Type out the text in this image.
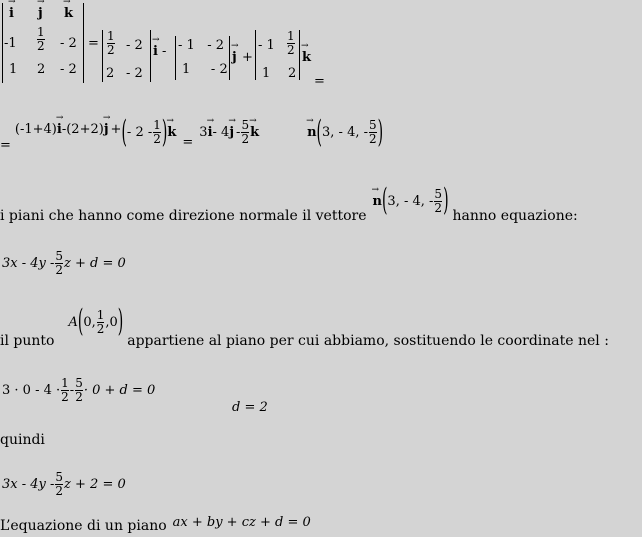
→ i → j → k
$-1 \frac{1}{2} - 2$
1 2 - 2
= $\frac{1}{2} - 2$
2 - 2
→ i - - 1   - 2
1     - 2
→ j +
- $1 \frac{1}{2}$
1 2
→ k
=
=
(-1+4) → i -(2+2) → j + ( - 2 - 1
2 ) → k
=
3 → i - 4 → j - 5
2 → k	→ n ( 3, - 4, - 5
2 )
i piani che hanno come direzione normale il vettore
→ n ( 3, - 4, - 5
2 ) hanno equazione:
3x - 4y - 5
2 z + d = 0
il punto
A ( 0, 1
2 ,0 )
appartiene al piano per cui abbiamo, sostituendo le coordinate nel :
3 · 0 - 4 · 1
2 - 5
2 · 0 + d = 0
d = 2
quindi
3x - 4y - 5
2 z + 2 = 0
L’equazione di un piano ax + by + cz + d = 0
